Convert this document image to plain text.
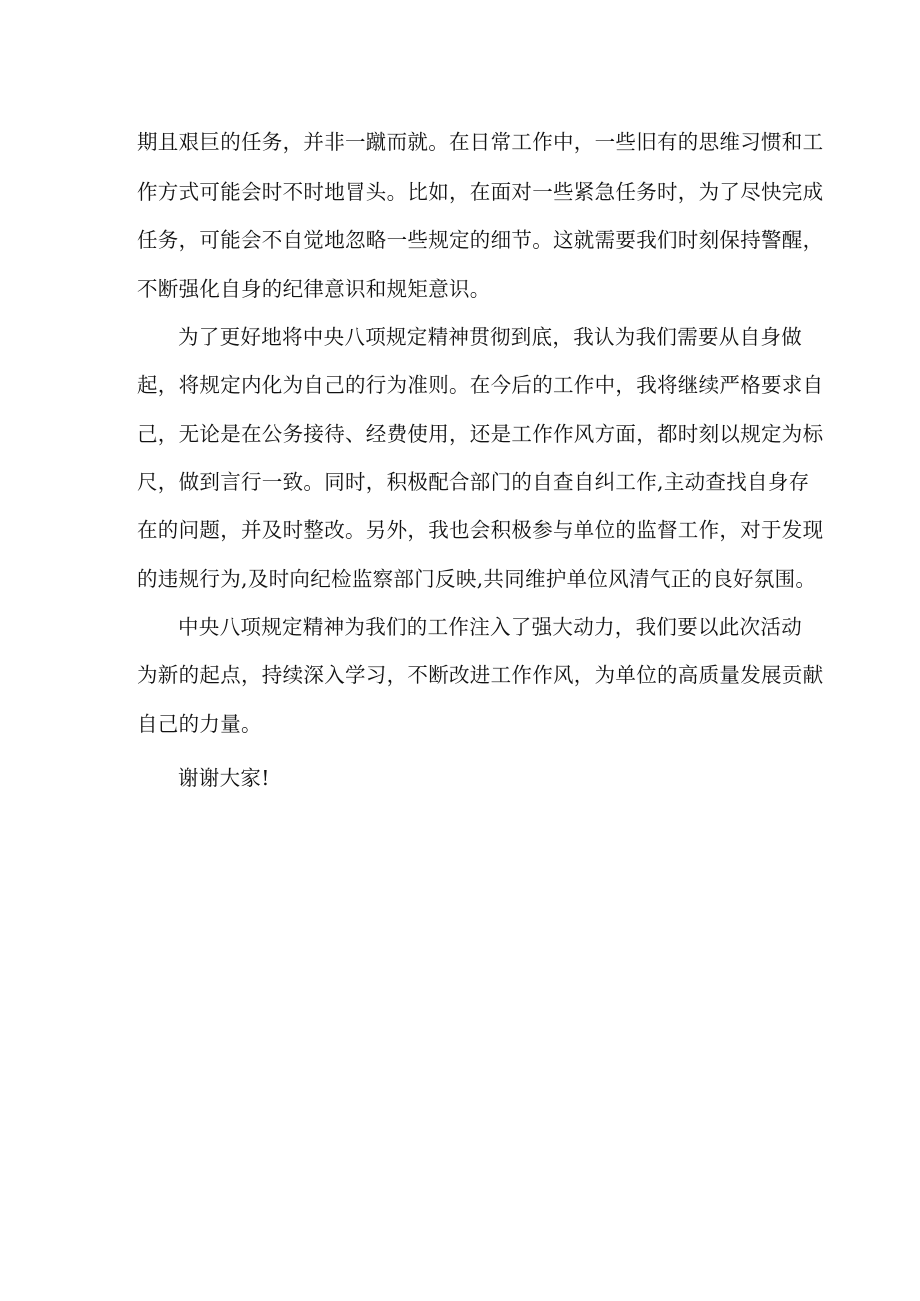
期且艰巨的任务，并非一蹴而就。在日常工作中，一些旧有的思维习惯和工
作方式可能会时不时地冒头。比如，在面对一些紧急任务时，为了尽快完成
任务，可能会不自觉地忽略一些规定的细节。这就需要我们时刻保持警醒，
不断强化自身的纪律意识和规矩意识。
为了更好地将中央八项规定精神贯彻到底，我认为我们需要从自身做
起，将规定内化为自己的行为准则。在今后的工作中，我将继续严格要求自
己，无论是在公务接待、经费使用，还是工作作风方面，都时刻以规定为标
尺，做到言行一致。同时，积极配合部门的自查自纠工作,主动查找自身存
在的问题，并及时整改。另外，我也会积极参与单位的监督工作，对于发现
的违规行为,及时向纪检监察部门反映,共同维护单位风清气正的良好氛围。
中央八项规定精神为我们的工作注入了强大动力，我们要以此次活动
为新的起点，持续深入学习，不断改进工作作风，为单位的高质量发展贡献
自己的力量。
谢谢大家!
